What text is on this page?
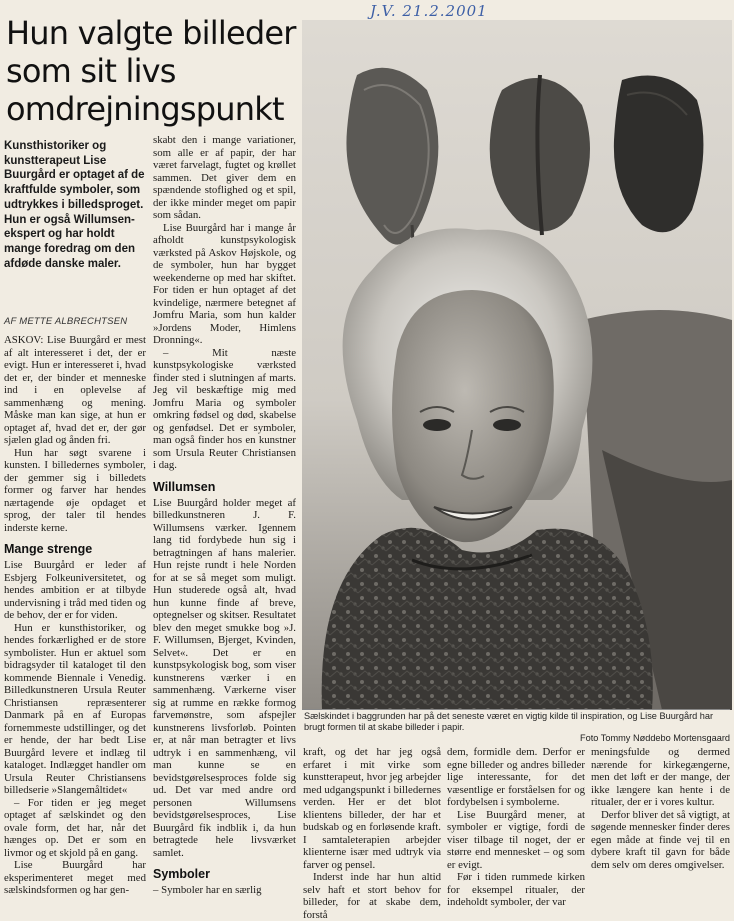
J.V. 21.2.2001
Hun valgte billeder som sit livs omdrejningspunkt
Kunsthistoriker og kunstterapeut Lise Buurgård er optaget af de kraftfulde symboler, som udtrykkes i billedsproget. Hun er også Willumsen-ekspert og har holdt mange foredrag om den afdøde danske maler.
AF METTE ALBRECHTSEN

ASKOV: Lise Buurgård er mest af alt interesseret i det, der er evigt. Hun er interesseret i, hvad det er, der binder et menneske ind i en oplevelse af sammenhæng og mening. Måske man kan sige, at hun er optaget af, hvad det er, der gør sjælen glad og ånden fri.

Hun har søgt svarene i kunsten. I billedernes symboler, der gemmer sig i billedets former og farver har hendes nærtagende øje opdaget et sprog, der taler til hendes inderste kerne.

Mange strenge

Lise Buurgård er leder af Esbjerg Folkeuniversitetet, og hendes ambition er at tilbyde undervisning i tråd med tiden og de behov, der er for viden.

Hun er kunsthistoriker, og hendes forkærlighed er de store symbolister. Hun er aktuel som bidragsyder til kataloget til den kommende Biennale i Venedig. Billedkunstneren Ursula Reuter Christiansen repræsenterer Danmark på en af Europas fornemmeste udstillinger, og det er hende, der har bedt Lise Buurgård levere et indlæg til kataloget. Indlægget handler om Ursula Reuter Christiansens billedserie »Slangemåltidet«

– For tiden er jeg meget optaget af sælskindet og den ovale form, det har, når det hænges op. Det er som en livmor og et skjold på en gang.

Lise Buurgård har eksperimenteret meget med sælskindsformen og har gen-

skabt den i mange variationer, som alle er af papir, der har været farvelagt, fugtet og krøllet sammen. Det giver dem en spændende stoflighed og et spil, der ikke minder meget om papir som sådan.

Lise Buurgård har i mange år afholdt kunstpsykologisk værksted på Askov Højskole, og de symboler, hun har bygget weekenderne op med har skiftet. For tiden er hun optaget af det kvindelige, nærmere betegnet af Jomfru Maria, som hun kalder »Jordens Moder, Himlens Dronning«.

– Mit næste kunstpsykologiske værksted finder sted i slutningen af marts. Jeg vil beskæftige mig med Jomfru Maria og symboler omkring fødsel og død, skabelse og genfødsel. Det er symboler, man også finder hos en kunstner som Ursula Reuter Christiansen i dag.

Willumsen

Lise Buurgård holder meget af billedkunstneren J. F. Willumsens værker. Igennem lang tid fordybede hun sig i betragtningen af hans malerier. Hun rejste rundt i hele Norden for at se så meget som muligt. Hun studerede også alt, hvad hun kunne finde af breve, optegnelser og skitser. Resultatet blev den meget smukke bog »J. F. Willumsen, Bjerget, Kvinden, Selvet«. Det er en kunstpsykologisk bog, som viser kunstnerens værker i en sammenhæng. Værkerne viser sig at rumme en række formog farvemønstre, som afspejler kunstnerens livsforløb. Pointen er, at når man betragter et livs udtryk i en sammenhæng, vil man kunne se en bevidstgørelsesproces folde sig ud. Det var med andre ord personen Willumsens bevidstgørelsesproces, Lise Buurgård fik indblik i, da hun betragtede hele livsværket samlet.

Symboler

– Symboler har en særlig

Sælskindet i baggrunden har på det seneste været en vigtig kilde til inspiration, og Lise Buurgård har brugt formen til at skabe billeder i papir.
Foto Tommy Nøddebo Mortensgaard

kraft, og det har jeg også erfaret i mit virke som kunstterapeut, hvor jeg arbejder med udgangspunkt i billedernes verden. Her er det blot klientens billeder, der har et budskab og en forløsende kraft. I samtaleterapien arbejder klienterne især med udtryk via farver og pensel.

Inderst inde har hun altid selv haft et stort behov for billeder, for at skabe dem, forstå

dem, formidle dem. Derfor er egne billeder og andres billeder lige interessante, for det væsentlige er forståelsen for og fordybelsen i symbolerne.

Lise Buurgård mener, at symboler er vigtige, fordi de viser tilbage til noget, der er større end mennesket – og som er evigt.

Før i tiden rummede kirken for eksempel ritualer, der indeholdt symboler, der var

meningsfulde og dermed nærende for kirkegængerne, men det løft er der mange, der ikke længere kan hente i de ritualer, der er i vores kultur.

Derfor bliver det så vigtigt, at søgende mennesker finder deres egen måde at finde vej til en dybere kraft til gavn for både dem selv om deres omgivelser.
